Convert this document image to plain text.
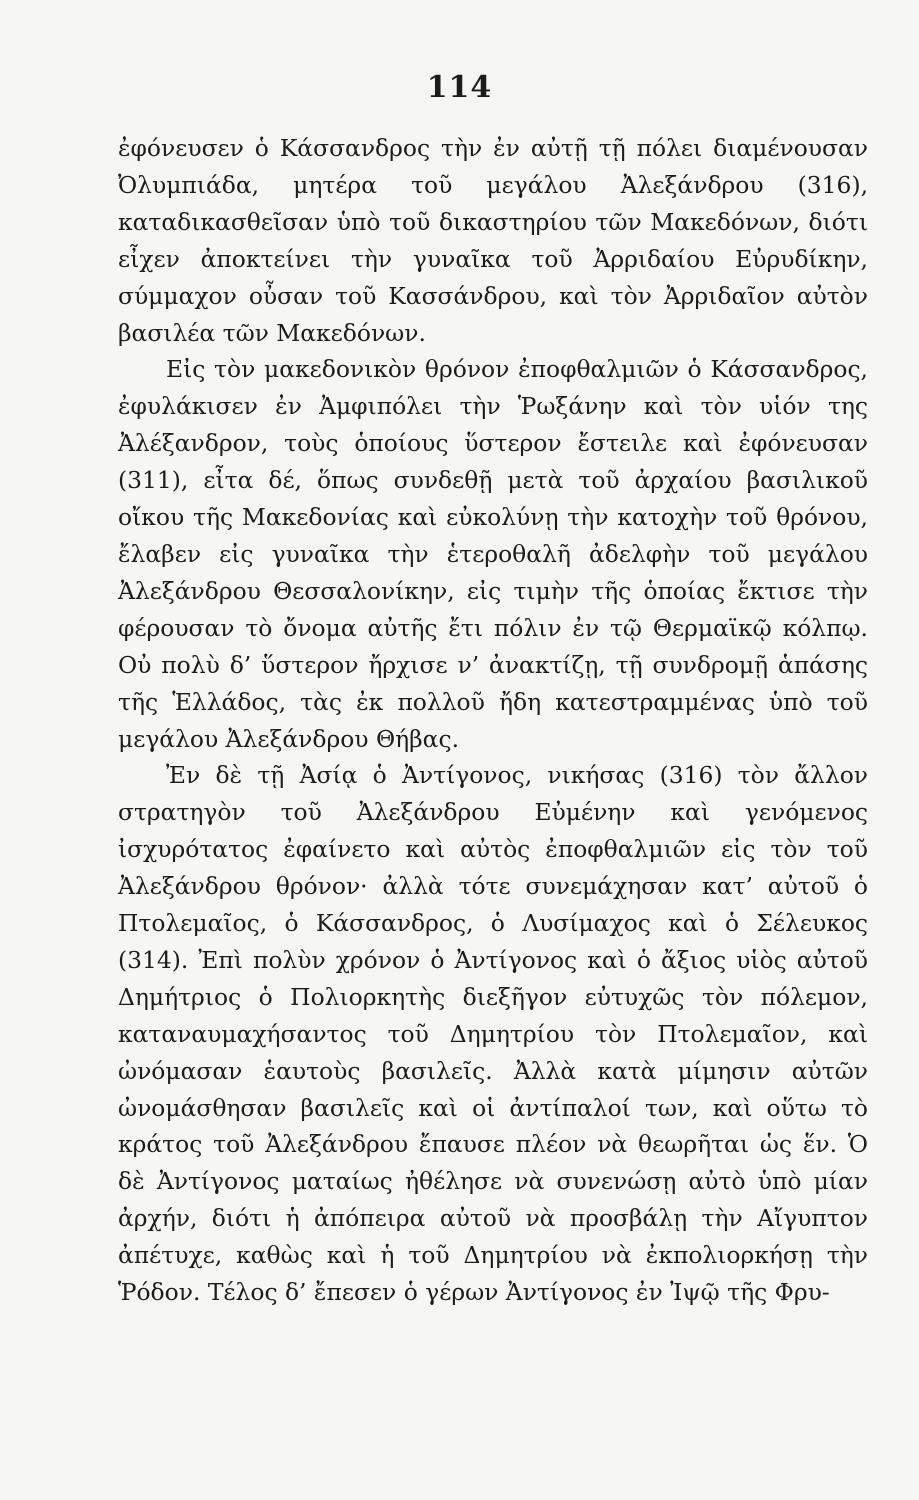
114

ἐφόνευσεν ὁ Κάσσανδρος τὴν ἐν αὐτῇ τῇ πόλει διαμένουσαν Ὀλυμπιάδα, μητέρα τοῦ μεγάλου Ἀλεξάνδρου (316), καταδικασθεῖσαν ὑπὸ τοῦ δικαστηρίου τῶν Μακεδόνων, διότι εἶχεν ἀποκτείνει τὴν γυναῖκα τοῦ Ἀρριδαίου Εὐρυδίκην, σύμμαχον οὖσαν τοῦ Κασσάνδρου, καὶ τὸν Ἀρριδαῖον αὐτὸν βασιλέα τῶν Μακεδόνων.

Εἰς τὸν μακεδονικὸν θρόνον ἐποφθαλμιῶν ὁ Κάσσανδρος, ἐφυλάκισεν ἐν Ἀμφιπόλει τὴν Ῥωξάνην καὶ τὸν υἱόν της Ἀλέξανδρον, τοὺς ὁποίους ὕστερον ἔστειλε καὶ ἐφόνευσαν (311), εἶτα δέ, ὅπως συνδεθῇ μετὰ τοῦ ἀρχαίου βασιλικοῦ οἴκου τῆς Μακεδονίας καὶ εὐκολύνῃ τὴν κατοχὴν τοῦ θρόνου, ἔλαβεν εἰς γυναῖκα τὴν ἑτεροθαλῆ ἀδελφὴν τοῦ μεγάλου Ἀλεξάνδρου Θεσσαλονίκην, εἰς τιμὴν τῆς ὁποίας ἔκτισε τὴν φέρουσαν τὸ ὄνομα αὐτῆς ἔτι πόλιν ἐν τῷ Θερμαϊκῷ κόλπῳ. Οὐ πολὺ δ’ ὕστερον ἤρχισε ν’ ἀνακτίζῃ, τῇ συνδρομῇ ἁπάσης τῆς Ἑλλάδος, τὰς ἐκ πολλοῦ ἤδη κατεστραμμένας ὑπὸ τοῦ μεγάλου Ἀλεξάνδρου Θήβας.

Ἐν δὲ τῇ Ἀσίᾳ ὁ Ἀντίγονος, νικήσας (316) τὸν ἄλλον στρατηγὸν τοῦ Ἀλεξάνδρου Εὐμένην καὶ γενόμενος ἰσχυρότατος ἐφαίνετο καὶ αὐτὸς ἐποφθαλμιῶν εἰς τὸν τοῦ Ἀλεξάνδρου θρόνον· ἀλλὰ τότε συνεμάχησαν κατ’ αὐτοῦ ὁ Πτολεμαῖος, ὁ Κάσσανδρος, ὁ Λυσίμαχος καὶ ὁ Σέλευκος (314). Ἐπὶ πολὺν χρόνον ὁ Ἀντίγονος καὶ ὁ ἄξιος υἱὸς αὐτοῦ Δημήτριος ὁ Πολιορκητὴς διεξῆγον εὐτυχῶς τὸν πόλεμον, καταναυμαχήσαντος τοῦ Δημητρίου τὸν Πτολεμαῖον, καὶ ὠνόμασαν ἑαυτοὺς βασιλεῖς. Ἀλλὰ κατὰ μίμησιν αὐτῶν ὠνομάσθησαν βασιλεῖς καὶ οἱ ἀντίπαλοί των, καὶ οὕτω τὸ κράτος τοῦ Ἀλεξάνδρου ἔπαυσε πλέον νὰ θεωρῆται ὡς ἕν. Ὁ δὲ Ἀντίγονος ματαίως ἠθέλησε νὰ συνενώσῃ αὐτὸ ὑπὸ μίαν ἀρχήν, διότι ἡ ἀπόπειρα αὐτοῦ νὰ προσβάλῃ τὴν Αἴγυπτον ἀπέτυχε, καθὼς καὶ ἡ τοῦ Δημητρίου νὰ ἐκπολιορκήσῃ τὴν Ῥόδον. Τέλος δ’ ἔπεσεν ὁ γέρων Ἀντίγονος ἐν Ἰψῷ τῆς Φρυ-
